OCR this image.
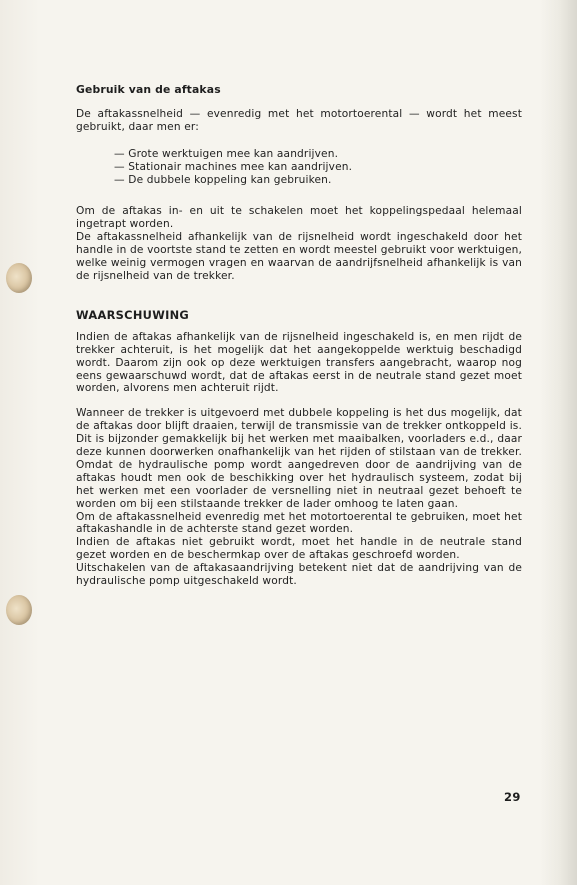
Gebruik van de aftakas

De aftakassnelheid — evenredig met het motortoerental — wordt het meest gebruikt, daar men er:

— Grote werktuigen mee kan aandrijven.
— Stationair machines mee kan aandrijven.
— De dubbele koppeling kan gebruiken.

Om de aftakas in- en uit te schakelen moet het koppelingspedaal helemaal ingetrapt worden.

De aftakassnelheid afhankelijk van de rijsnelheid wordt ingeschakeld door het handle in de voortste stand te zetten en wordt meestel gebruikt voor werktuigen, welke weinig vermogen vragen en waarvan de aandrijfsnelheid afhankelijk is van de rijsnelheid van de trekker.

WAARSCHUWING

Indien de aftakas afhankelijk van de rijsnelheid ingeschakeld is, en men rijdt de trekker achteruit, is het mogelijk dat het aangekoppelde werktuig beschadigd wordt. Daarom zijn ook op deze werktuigen transfers aangebracht, waarop nog eens gewaarschuwd wordt, dat de aftakas eerst in de neutrale stand gezet moet worden, alvorens men achteruit rijdt.

Wanneer de trekker is uitgevoerd met dubbele koppeling is het dus mogelijk, dat de aftakas door blijft draaien, terwijl de transmissie van de trekker ontkoppeld is. Dit is bijzonder gemakkelijk bij het werken met maaibalken, voorladers e.d., daar deze kunnen doorwerken onafhankelijk van het rijden of stilstaan van de trekker. Omdat de hydraulische pomp wordt aangedreven door de aandrijving van de aftakas houdt men ook de beschikking over het hydraulisch systeem, zodat bij het werken met een voorlader de versnelling niet in neutraal gezet behoeft te worden om bij een stilstaande trekker de lader omhoog te laten gaan.

Om de aftakassnelheid evenredig met het motortoerental te gebruiken, moet het aftakashandle in de achterste stand gezet worden.

Indien de aftakas niet gebruikt wordt, moet het handle in de neutrale stand gezet worden en de beschermkap over de aftakas geschroefd worden.

Uitschakelen van de aftakasaandrijving betekent niet dat de aandrijving van de hydraulische pomp uitgeschakeld wordt.

29
